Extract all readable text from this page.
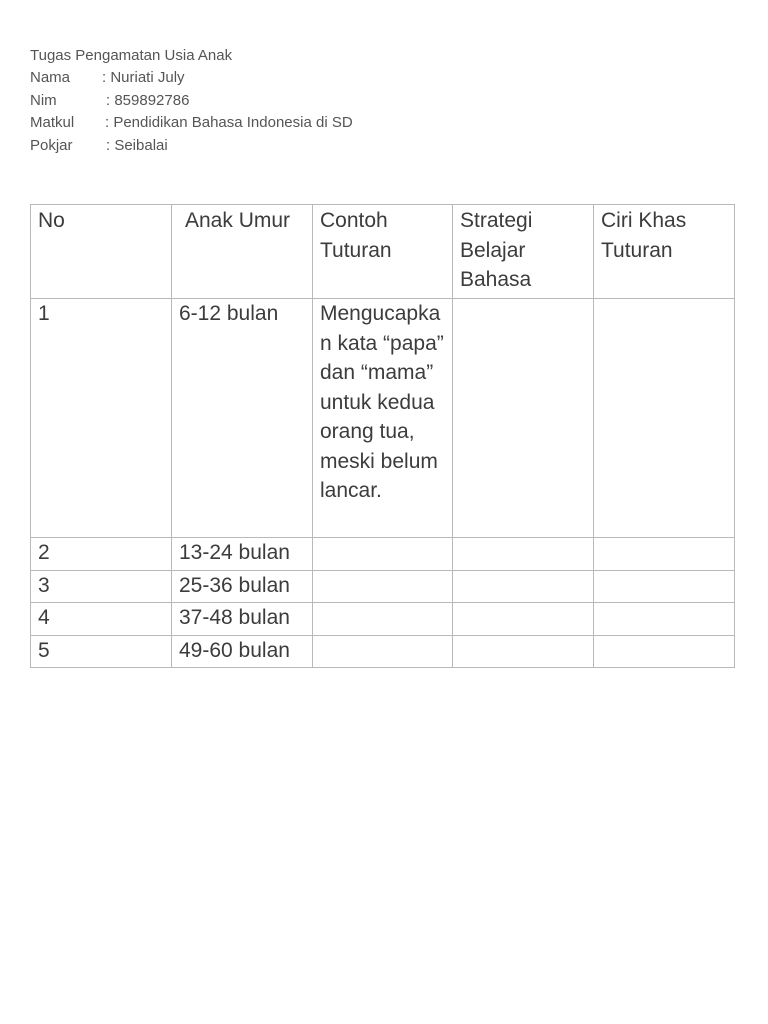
Tugas Pengamatan Usia Anak
Nama	: Nuriati July
Nim	: 859892786
Matkul	: Pendidikan Bahasa Indonesia di SD
Pokjar	: Seibalai
No	Anak Umur	Contoh Tuturan	Strategi Belajar Bahasa	Ciri Khas Tuturan
1	6-12 bulan	Mengucapkan kata “papa” dan “mama” untuk kedua orang tua, meski belum lancar.		
2	13-24 bulan			
3	25-36 bulan			
4	37-48 bulan			
5	49-60 bulan			
